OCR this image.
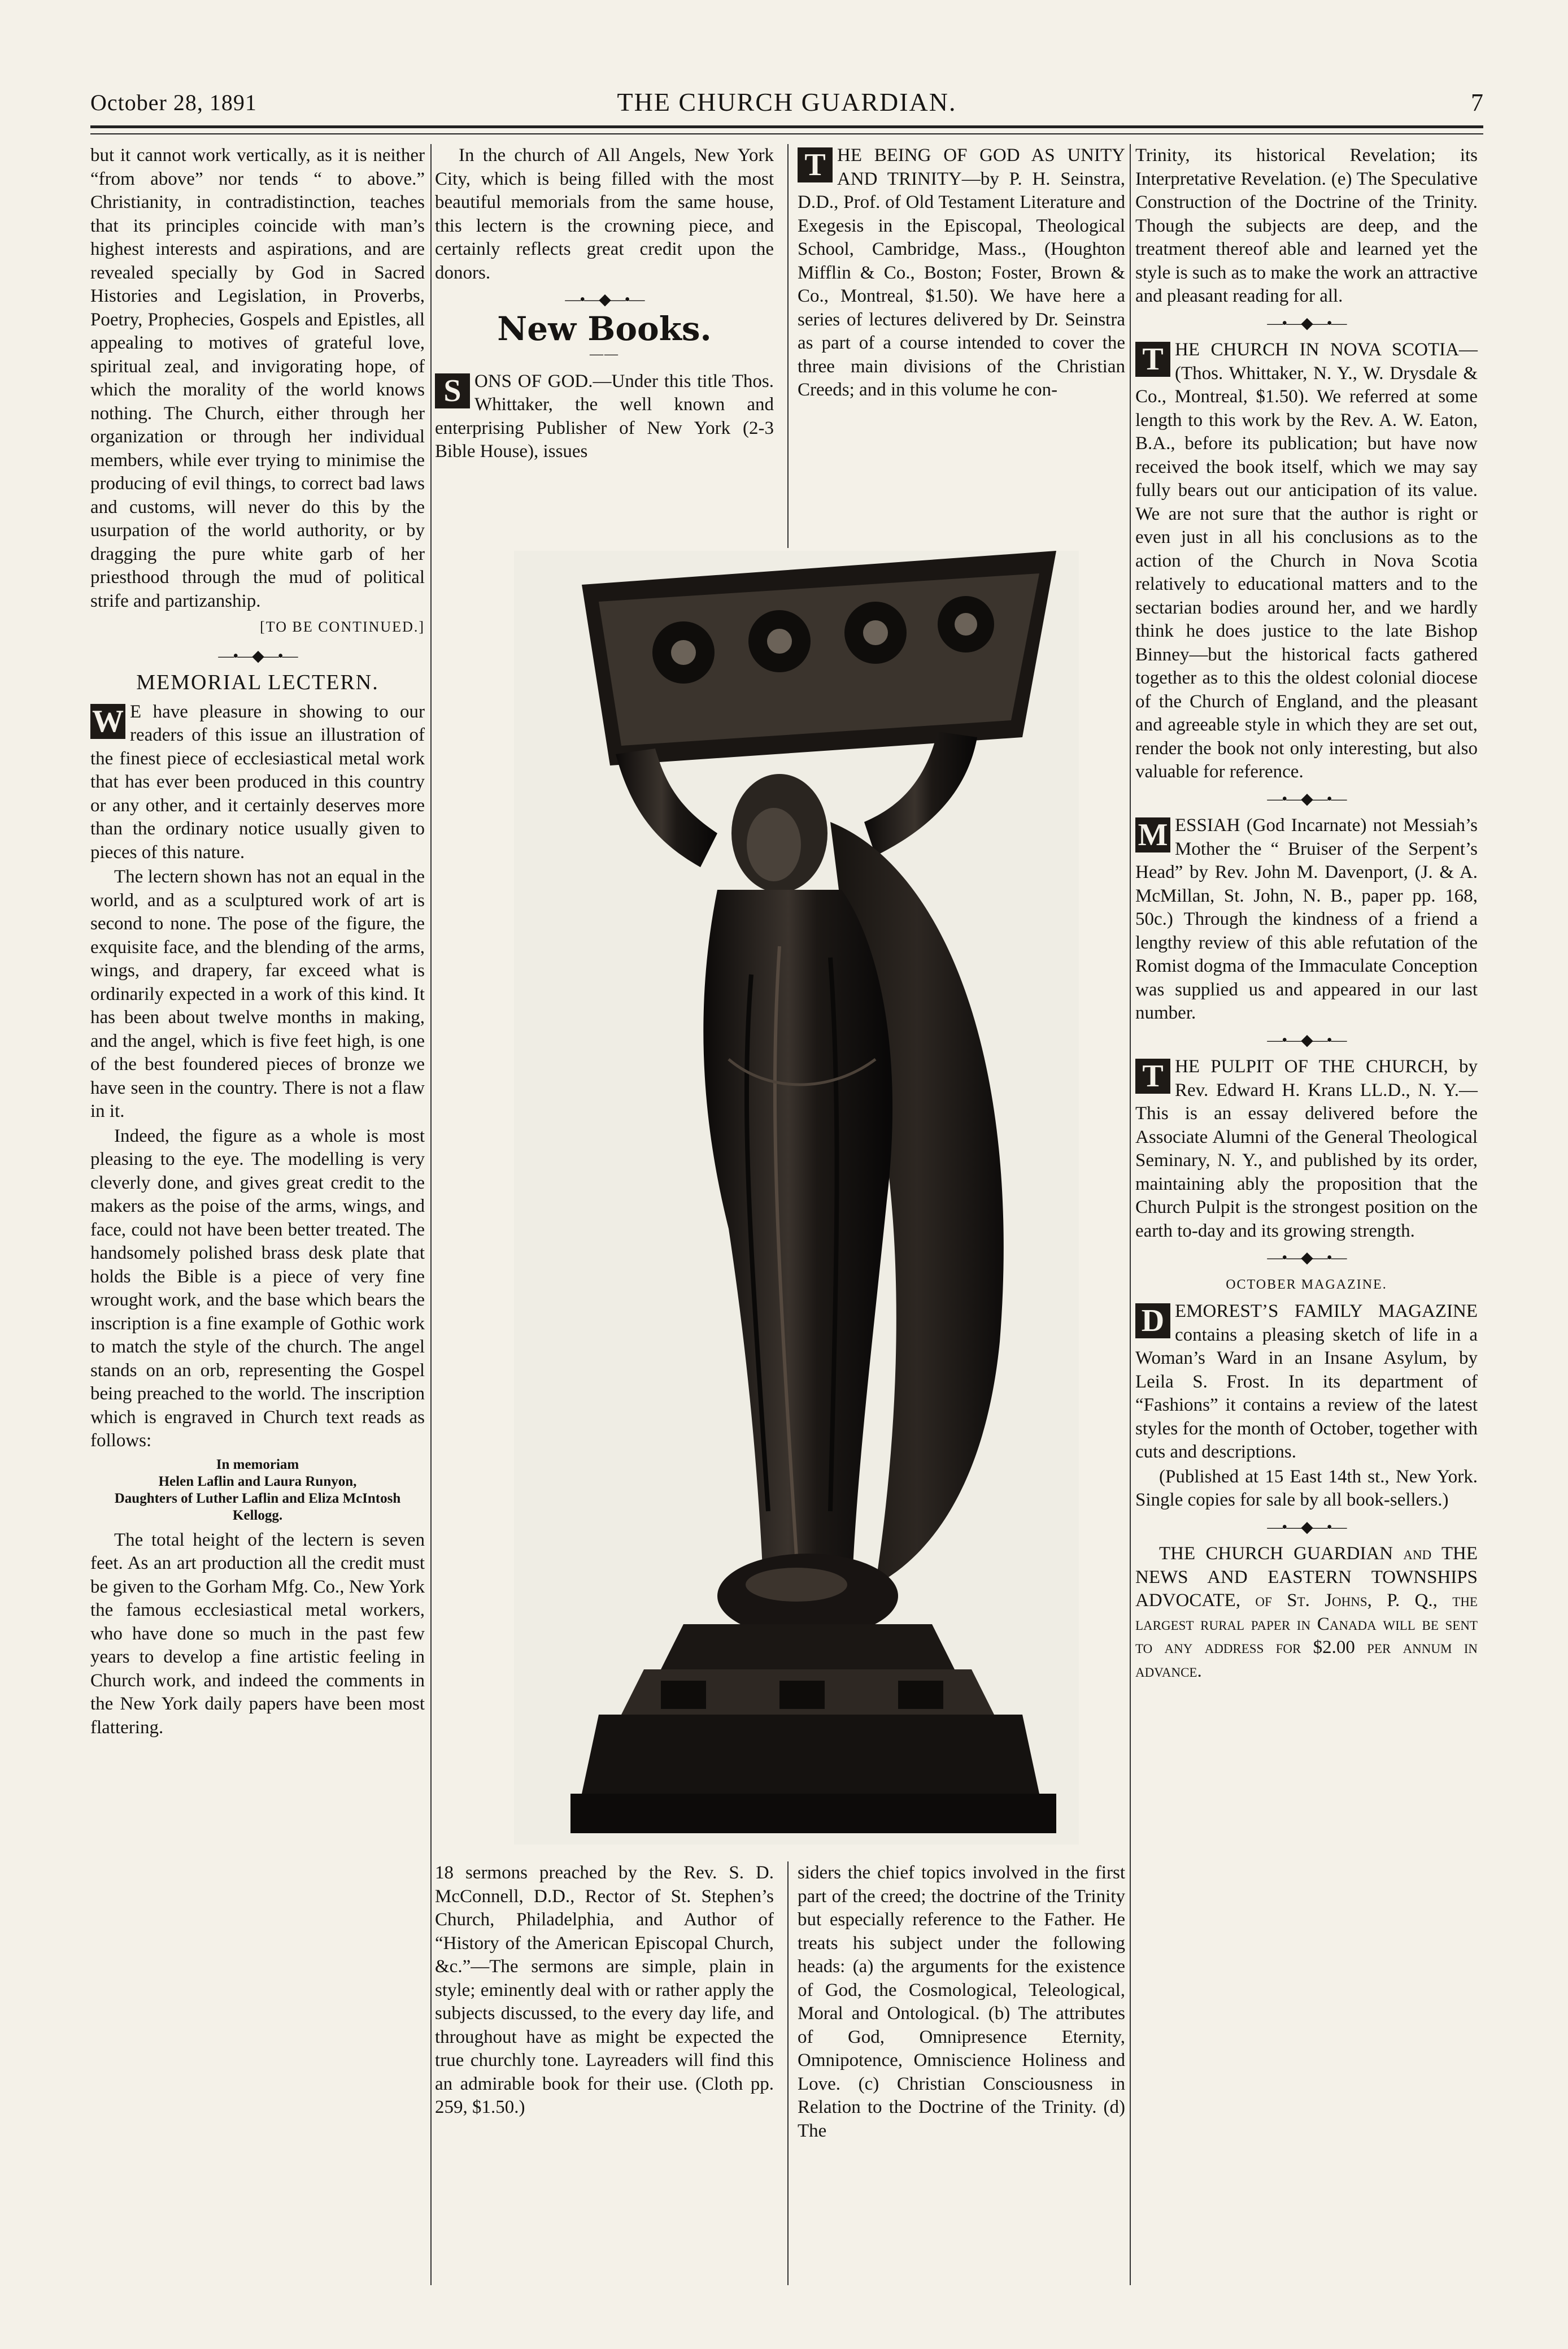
October 28, 1891	THE CHURCH GUARDIAN.	7

but it cannot work vertically, as it is neither “from above” nor tends “ to above.” Christianity, in contradistinction, teaches that its principles coincide with man’s highest interests and aspirations, and are revealed specially by God in Sacred Histories and Legislation, in Proverbs, Poetry, Prophecies, Gospels and Epistles, all appealing to motives of grateful love, spiritual zeal, and invigorating hope, of which the morality of the world knows nothing. The Church, either through her organization or through her individual members, while ever trying to minimise the producing of evil things, to correct bad laws and customs, will never do this by the usurpation of the world authority, or by dragging the pure white garb of her priesthood through the mud of political strife and partizanship.

[TO BE CONTINUED.]
—•—◆—•—
MEMORIAL LECTERN.

W E have pleasure in showing to our readers of this issue an illustration of the finest piece of ecclesiastical metal work that has ever been produced in this country or any other, and it certainly deserves more than the ordinary notice usually given to pieces of this nature.

The lectern shown has not an equal in the world, and as a sculptured work of art is second to none. The pose of the figure, the exquisite face, and the blending of the arms, wings, and drapery, far exceed what is ordinarily expected in a work of this kind. It has been about twelve months in making, and the angel, which is five feet high, is one of the best foundered pieces of bronze we have seen in the country. There is not a flaw in it.

Indeed, the figure as a whole is most pleasing to the eye. The modelling is very cleverly done, and gives great credit to the makers as the poise of the arms, wings, and face, could not have been better treated. The handsomely polished brass desk plate that holds the Bible is a piece of very fine wrought work, and the base which bears the inscription is a fine example of Gothic work to match the style of the church. The angel stands on an orb, representing the Gospel being preached to the world. The inscription which is engraved in Church text reads as follows:

In memoriam
Helen Laflin and Laura Runyon,
Daughters of Luther Laflin and Eliza McIntosh Kellogg.

The total height of the lectern is seven feet. As an art production all the credit must be given to the Gorham Mfg. Co., New York the famous ecclesiastical metal workers, who have done so much in the past few years to develop a fine artistic feeling in Church work, and indeed the comments in the New York daily papers have been most flattering.

In the church of All Angels, New York City, which is being filled with the most beautiful memorials from the same house, this lectern is the crowning piece, and certainly reflects great credit upon the donors.

—•—◆—•—
New Books.
——

S ONS OF GOD.—Under this title Thos. Whittaker, the well known and enterprising Publisher of New York (2-3 Bible House), issues

T HE BEING OF GOD AS UNITY AND TRINITY—by P. H. Seinstra, D.D., Prof. of Old Testament Literature and Exegesis in the Episcopal, Theological School, Cambridge, Mass., (Houghton Mifflin & Co., Boston; Foster, Brown & Co., Montreal, $1.50). We have here a series of lectures delivered by Dr. Seinstra as part of a course intended to cover the three main divisions of the Christian Creeds; and in this volume he con-

18 sermons preached by the Rev. S. D. McConnell, D.D., Rector of St. Stephen’s Church, Philadelphia, and Author of “History of the American Episcopal Church, &c.”—The sermons are simple, plain in style; eminently deal with or rather apply the subjects discussed, to the every day life, and throughout have as might be expected the true churchly tone. Layreaders will find this an admirable book for their use. (Cloth pp. 259, $1.50.)

siders the chief topics involved in the first part of the creed; the doctrine of the Trinity but especially reference to the Father. He treats his subject under the following heads: (a) the arguments for the existence of God, the Cosmological, Teleological, Moral and Ontological. (b) The attributes of God, Omnipresence Eternity, Omnipotence, Omniscience Holiness and Love. (c) Christian Consciousness in Relation to the Doctrine of the Trinity. (d) The

Trinity, its historical Revelation; its Interpretative Revelation. (e) The Speculative Construction of the Doctrine of the Trinity. Though the subjects are deep, and the treatment thereof able and learned yet the style is such as to make the work an attractive and pleasant reading for all.

—•—◆—•—

T HE CHURCH IN NOVA SCOTIA—(Thos. Whittaker, N. Y., W. Drysdale & Co., Montreal, $1.50). We referred at some length to this work by the Rev. A. W. Eaton, B.A., before its publication; but have now received the book itself, which we may say fully bears out our anticipation of its value. We are not sure that the author is right or even just in all his conclusions as to the action of the Church in Nova Scotia relatively to educational matters and to the sectarian bodies around her, and we hardly think he does justice to the late Bishop Binney—but the historical facts gathered together as to this the oldest colonial diocese of the Church of England, and the pleasant and agreeable style in which they are set out, render the book not only interesting, but also valuable for reference.

—•—◆—•—

M ESSIAH (God Incarnate) not Messiah’s Mother the “ Bruiser of the Serpent’s Head” by Rev. John M. Davenport, (J. & A. McMillan, St. John, N. B., paper pp. 168, 50c.) Through the kindness of a friend a lengthy review of this able refutation of the Romist dogma of the Immaculate Conception was supplied us and appeared in our last number.

—•—◆—•—

T HE PULPIT OF THE CHURCH, by Rev. Edward H. Krans LL.D., N. Y.—This is an essay delivered before the Associate Alumni of the General Theological Seminary, N. Y., and published by its order, maintaining ably the proposition that the Church Pulpit is the strongest position on the earth to-day and its growing strength.

—•—◆—•—
OCTOBER MAGAZINE.

D EMOREST’S FAMILY MAGAZINE contains a pleasing sketch of life in a Woman’s Ward in an Insane Asylum, by Leila S. Frost. In its department of “Fashions” it contains a review of the latest styles for the month of October, together with cuts and descriptions.

(Published at 15 East 14th st., New York. Single copies for sale by all book-sellers.)

—•—◆—•—

THE CHURCH GUARDIAN and THE NEWS AND EASTERN TOWNSHIPS ADVOCATE, of St. Johns, P. Q., the largest rural paper in Canada will be sent to any address for $2.00 per annum in advance.
